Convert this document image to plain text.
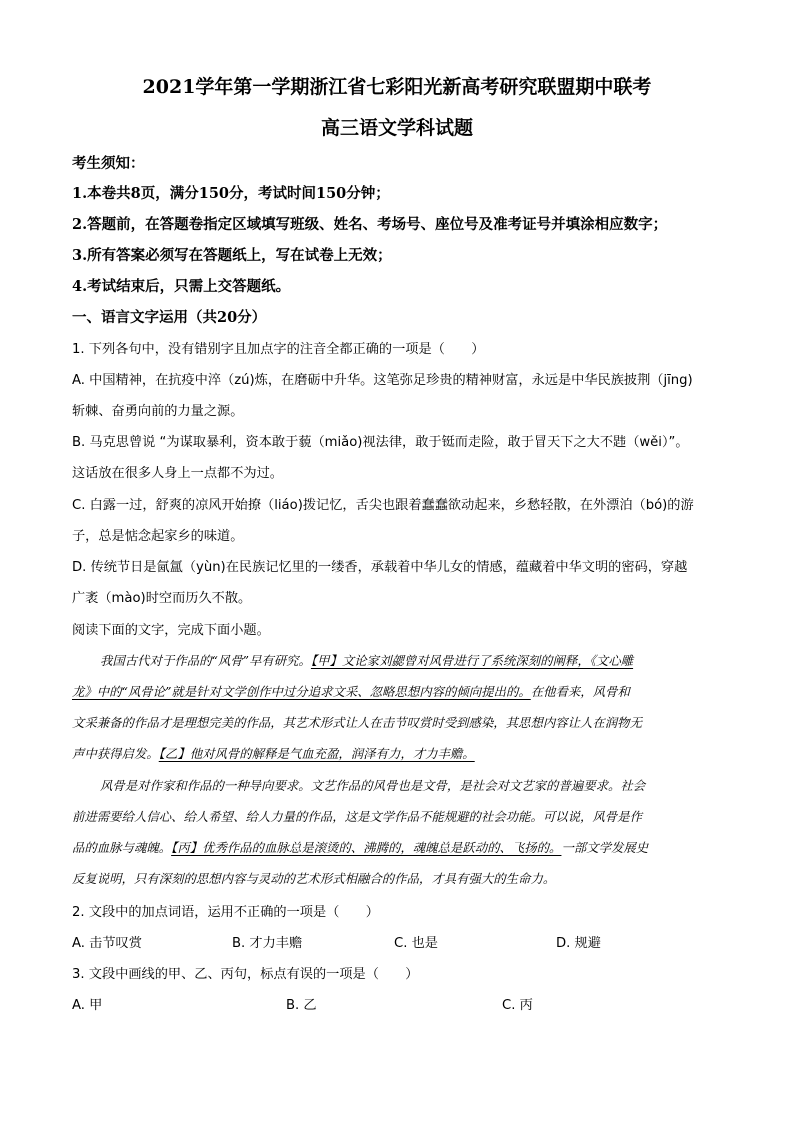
2021学年第一学期浙江省七彩阳光新高考研究联盟期中联考
高三语文学科试题
考生须知：
1.本卷共8页，满分150分，考试时间150分钟；
2.答题前，在答题卷指定区域填写班级、姓名、考场号、座位号及准考证号并填涂相应数字；
3.所有答案必须写在答题纸上，写在试卷上无效；
4.考试结束后，只需上交答题纸。
一、语言文字运用（共20分）
1. 下列各句中，没有错别字且加点字的注音全都正确的一项是（　　）
A. 中国精神，在抗疫中淬（zú)炼，在磨砺中升华。这笔弥足珍贵的精神财富，永远是中华民族披荆（jīng)
斩棘、奋勇向前的力量之源。
B. 马克思曾说 “为谋取暴利，资本敢于藐（miǎo)视法律，敢于铤而走险，敢于冒天下之大不韪（wěi）”。
这话放在很多人身上一点都不为过。
C. 白露一过，舒爽的凉风开始撩（liáo)拨记忆，舌尖也跟着蠢蠢欲动起来，乡愁轻散，在外漂泊（bó)的游
子，总是惦念起家乡的味道。
D. 传统节日是氤氲（yùn)在民族记忆里的一缕香，承载着中华儿女的情感，蕴藏着中华文明的密码，穿越
广袤（mào)时空而历久不散。
阅读下面的文字，完成下面小题。
我国古代对于作品的“风骨”早有研究。【甲】文论家刘勰曾对风骨进行了系统深刻的阐释，《文心雕
龙》中的“风骨论”就是针对文学创作中过分追求文采、忽略思想内容的倾向提出的。在他看来，风骨和
文采兼备的作品才是理想完美的作品，其艺术形式让人在击节叹赏时受到感染，其思想内容让人在润物无
声中获得启发。【乙】他对风骨的解释是气血充盈，润泽有力，才力丰赡。
风骨是对作家和作品的一种导向要求。文艺作品的风骨也是文骨，是社会对文艺家的普遍要求。社会
前进需要给人信心、给人希望、给人力量的作品，这是文学作品不能规避的社会功能。可以说，风骨是作
品的血脉与魂魄。【丙】优秀作品的血脉总是滚烫的、沸腾的，魂魄总是跃动的、飞扬的。一部文学发展史
反复说明，只有深刻的思想内容与灵动的艺术形式相融合的作品，才具有强大的生命力。
2. 文段中的加点词语，运用不正确的一项是（　　）
A. 击节叹赏	B. 才力丰赡	C. 也是	D. 规避
3. 文段中画线的甲、乙、丙句，标点有误的一项是（　　）
A. 甲	B. 乙	C. 丙
